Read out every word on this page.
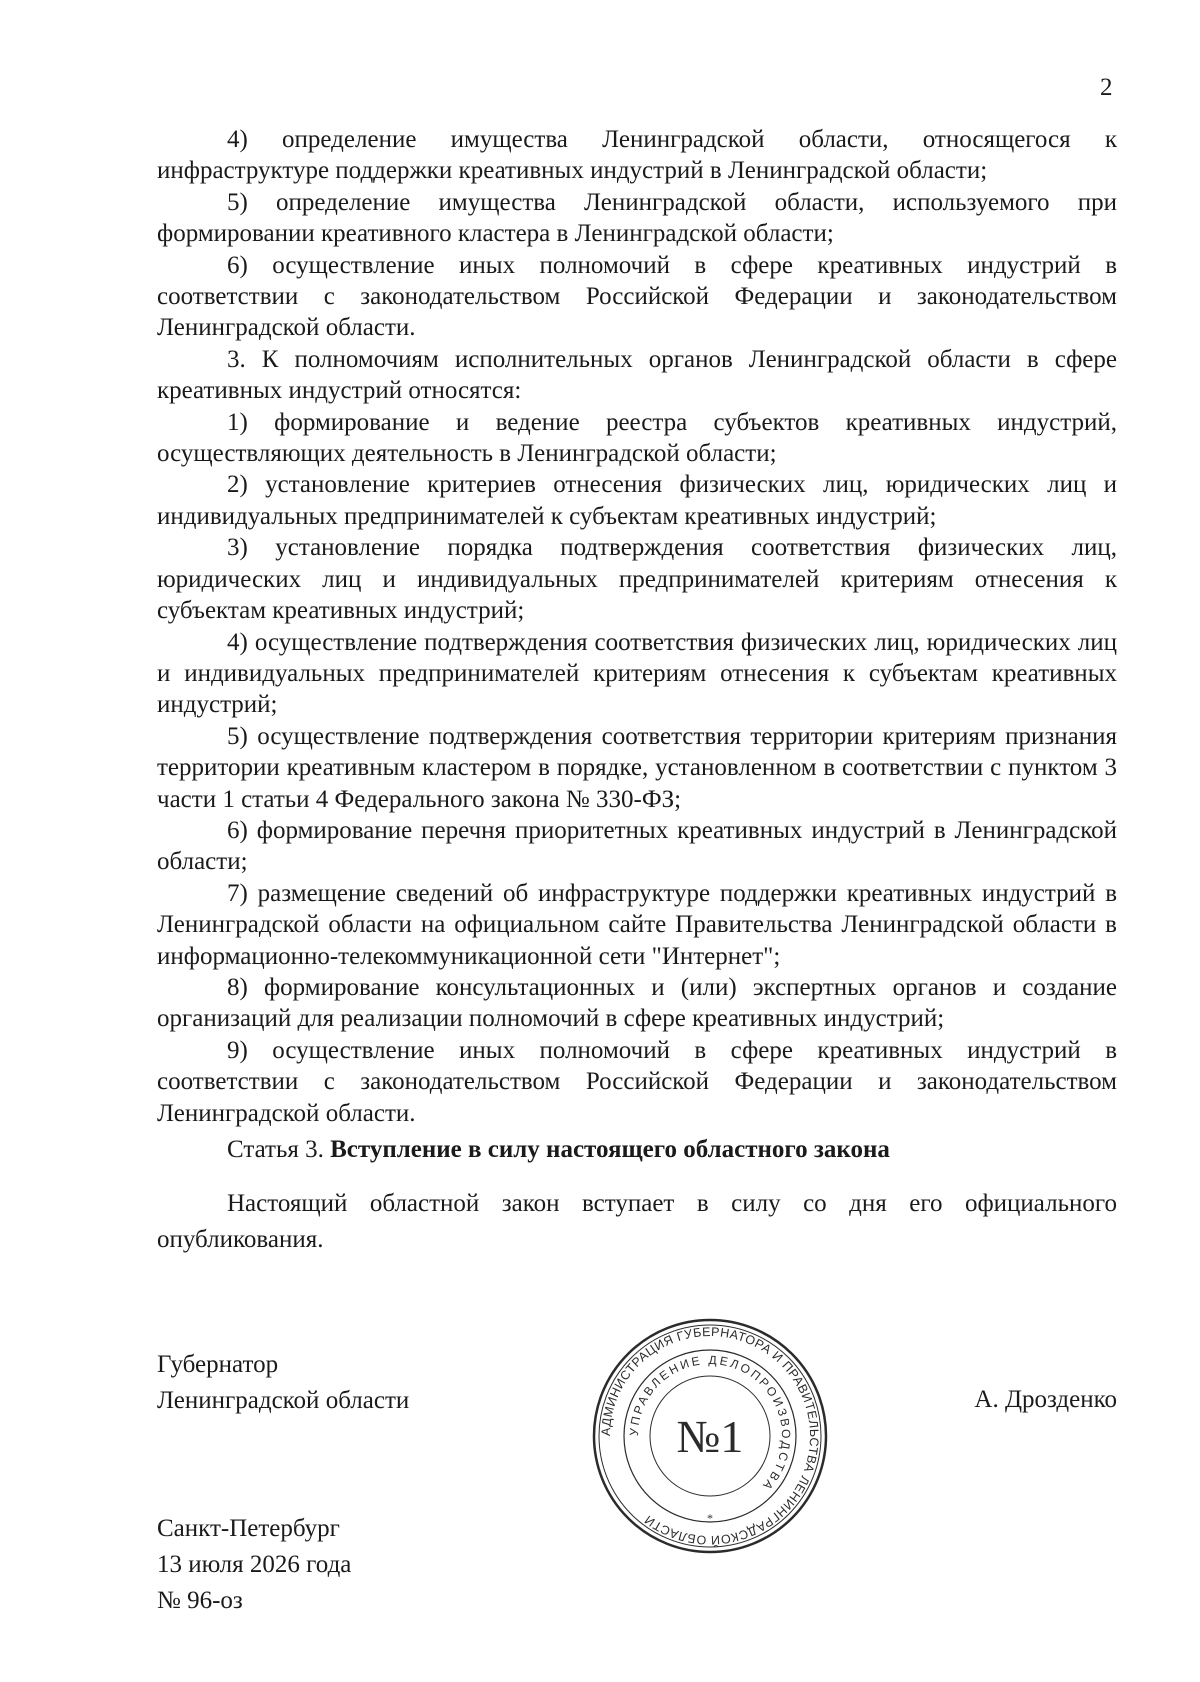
2

4) определение имущества Ленинградской области, относящегося к инфраструктуре поддержки креативных индустрий в Ленинградской области;

5) определение имущества Ленинградской области, используемого при формировании креативного кластера в Ленинградской области;

6) осуществление иных полномочий в сфере креативных индустрий в соответствии с законодательством Российской Федерации и законодательством Ленинградской области.

3. К полномочиям исполнительных органов Ленинградской области в сфере креативных индустрий относятся:

1) формирование и ведение реестра субъектов креативных индустрий, осуществляющих деятельность в Ленинградской области;

2) установление критериев отнесения физических лиц, юридических лиц и индивидуальных предпринимателей к субъектам креативных индустрий;

3) установление порядка подтверждения соответствия физических лиц, юридических лиц и индивидуальных предпринимателей критериям отнесения к субъектам креативных индустрий;

4) осуществление подтверждения соответствия физических лиц, юридических лиц и индивидуальных предпринимателей критериям отнесения к субъектам креативных индустрий;

5) осуществление подтверждения соответствия территории критериям признания территории креативным кластером в порядке, установленном в соответствии с пунктом 3 части 1 статьи 4 Федерального закона № 330-ФЗ;

6) формирование перечня приоритетных креативных индустрий в Ленинградской области;

7) размещение сведений об инфраструктуре поддержки креативных индустрий в Ленинградской области на официальном сайте Правительства Ленинградской области в информационно-телекоммуникационной сети "Интернет";

8) формирование консультационных и (или) экспертных органов и создание организаций для реализации полномочий в сфере креативных индустрий;

9) осуществление иных полномочий в сфере креативных индустрий в соответствии с законодательством Российской Федерации и законодательством Ленинградской области.

Статья 3. Вступление в силу настоящего областного закона
Настоящий областной закон вступает в силу со дня его официального опубликования.
Губернатор
Ленинградской области
АДМИНИСТРАЦИЯ ГУБЕРНАТОРА И ПРАВИТЕЛЬСТВА ЛЕНИНГРАДСКОЙ ОБЛАСТИ
УПРАВЛЕНИЕ ДЕЛОПРОИЗВОДСТВА
№1
*
А. Дрозденко
Санкт-Петербург
13 июля 2026 года
№ 96-оз
